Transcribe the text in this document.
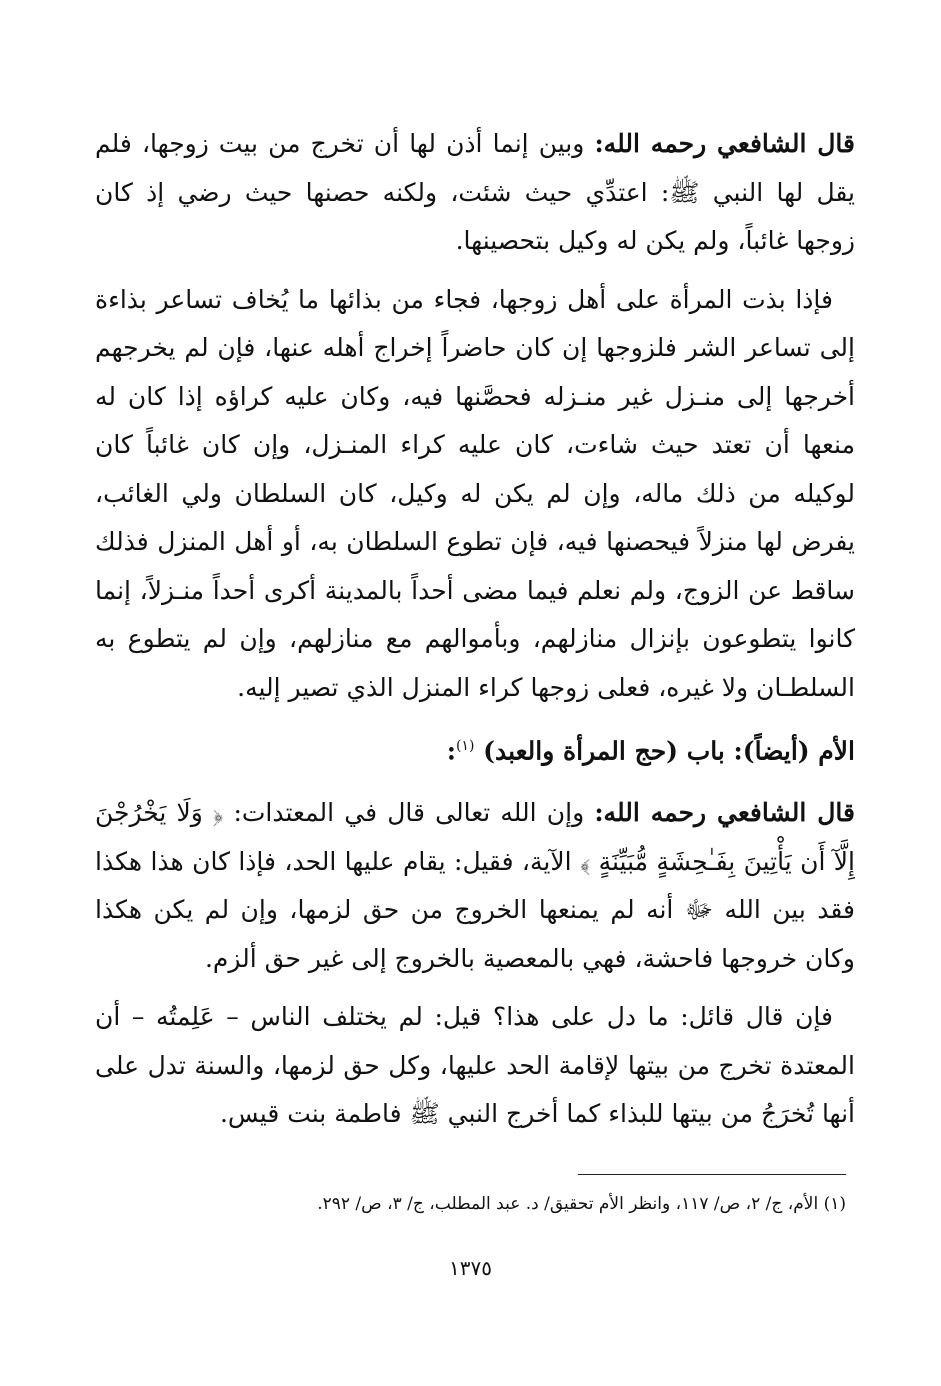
قال الشافعي رحمه الله: وبين إنما أذن لها أن تخرج من بيت زوجها، فلم يقل لها النبي ﷺ: اعتدِّي حيث شئت، ولكنه حصنها حيث رضي إذ كان زوجها غائباً، ولم يكن له وكيل بتحصينها.

فإذا بذت المرأة على أهل زوجها، فجاء من بذائها ما يُخاف تساعر بذاءة إلى تساعر الشر فلزوجها إن كان حاضراً إخراج أهله عنها، فإن لم يخرجهم أخرجها إلى منـزل غير منـزله فحصَّنها فيه، وكان عليه كراؤه إذا كان له منعها أن تعتد حيث شاءت، كان عليه كراء المنـزل، وإن كان غائباً كان لوكيله من ذلك ماله، وإن لم يكن له وكيل، كان السلطان ولي الغائب، يفرض لها منزلاً فيحصنها فيه، فإن تطوع السلطان به، أو أهل المنزل فذلك ساقط عن الزوج، ولم نعلم فيما مضى أحداً بالمدينة أكرى أحداً منـزلاً، إنما كانوا يتطوعون بإنزال منازلهم، وبأموالهم مع منازلهم، وإن لم يتطوع به السلطـان ولا غيره، فعلى زوجها كراء المنزل الذي تصير إليه.

الأم (أيضاً): باب (حج المرأة والعبد) $^{(١)}$:

قال الشافعي رحمه الله: وإن الله تعالى قال في المعتدات: ﴿ وَلَا يَخْرُجْنَ إِلَّآ أَن يَأْتِينَ بِفَـٰحِشَةٍ مُّبَيِّنَةٍ ﴾ الآية، فقيل: يقام عليها الحد، فإذا كان هذا هكذا فقد بين الله ﷻ أنه لم يمنعها الخروج من حق لزمها، وإن لم يكن هكذا وكان خروجها فاحشة، فهي بالمعصية بالخروج إلى غير حق ألزم.

فإن قال قائل: ما دل على هذا؟ قيل: لم يختلف الناس – عَلِمتُه – أن المعتدة تخرج من بيتها لإقامة الحد عليها، وكل حق لزمها، والسنة تدل على أنها تُخرَجُ من بيتها للبذاء كما أخرج النبي ﷺ فاطمة بنت قيس.

(١) الأم، ج/ ٢، ص/ ١١٧، وانظر الأم تحقيق/ د. عبد المطلب، ج/ ٣، ص/ ٢٩٢.
١٣٧٥
